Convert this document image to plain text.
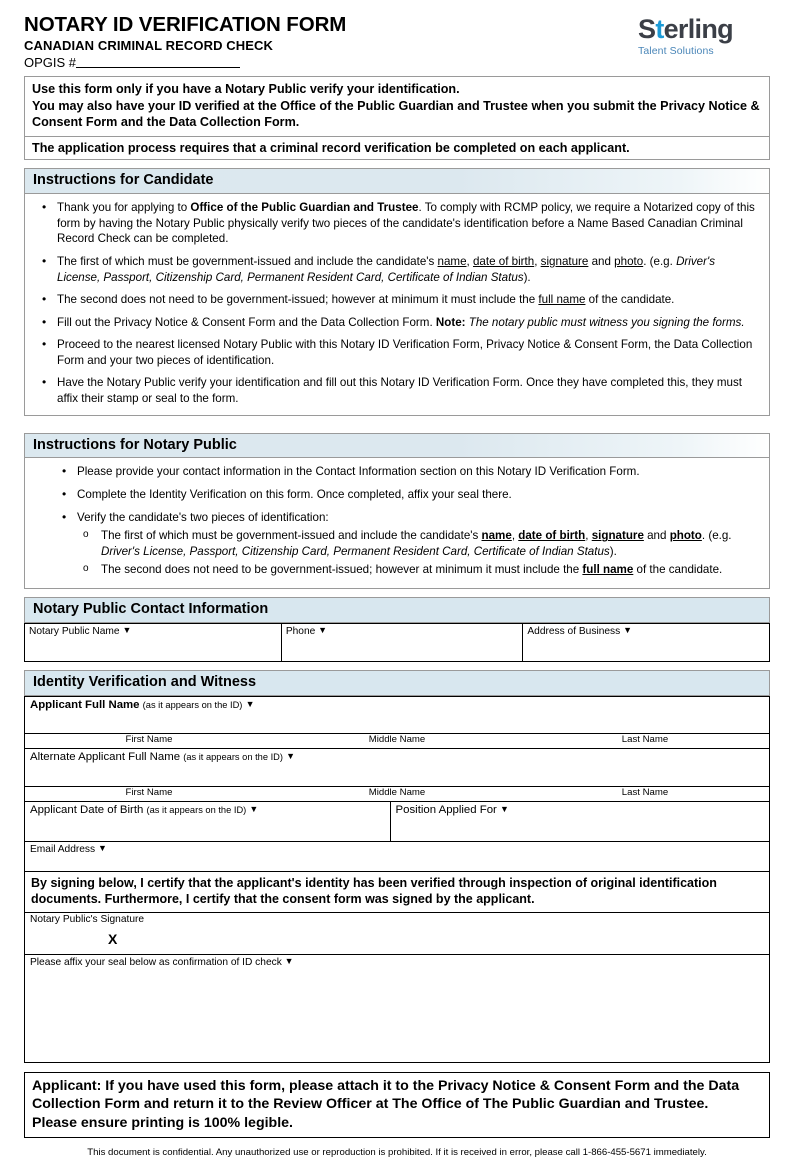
NOTARY ID VERIFICATION FORM
CANADIAN CRIMINAL RECORD CHECK
OPGIS #
Sterling
Talent Solutions
Use this form only if you have a Notary Public verify your identification.
You may also have your ID verified at the Office of the Public Guardian and Trustee when you submit the Privacy Notice & Consent Form and the Data Collection Form.
The application process requires that a criminal record verification be completed on each applicant.
Instructions for Candidate
• Thank you for applying to Office of the Public Guardian and Trustee. To comply with RCMP policy, we require a Notarized copy of this form by having the Notary Public physically verify two pieces of the candidate's identification before a Name Based Canadian Criminal Record Check can be completed.
• The first of which must be government-issued and include the candidate's name, date of birth, signature and photo. (e.g. Driver's License, Passport, Citizenship Card, Permanent Resident Card, Certificate of Indian Status).
• The second does not need to be government-issued; however at minimum it must include the full name of the candidate.
• Fill out the Privacy Notice & Consent Form and the Data Collection Form. Note: The notary public must witness you signing the forms.
• Proceed to the nearest licensed Notary Public with this Notary ID Verification Form, Privacy Notice & Consent Form, the Data Collection Form and your two pieces of identification.
• Have the Notary Public verify your identification and fill out this Notary ID Verification Form. Once they have completed this, they must affix their stamp or seal to the form.
Instructions for Notary Public
• Please provide your contact information in the Contact Information section on this Notary ID Verification Form.
• Complete the Identity Verification on this form. Once completed, affix your seal there.
• Verify the candidate's two pieces of identification:
o The first of which must be government-issued and include the candidate's name, date of birth, signature and photo. (e.g. Driver's License, Passport, Citizenship Card, Permanent Resident Card, Certificate of Indian Status).
o The second does not need to be government-issued; however at minimum it must include the full name of the candidate.
Notary Public Contact Information
Notary Public Name ▼	Phone ▼	Address of Business ▼
Identity Verification and Witness
Applicant Full Name (as it appears on the ID) ▼
First Name	Middle Name	Last Name
Alternate Applicant Full Name (as it appears on the ID) ▼
First Name	Middle Name	Last Name
Applicant Date of Birth (as it appears on the ID) ▼	Position Applied For ▼
Email Address ▼
By signing below, I certify that the applicant's identity has been verified through inspection of original identification documents. Furthermore, I certify that the consent form was signed by the applicant.
Notary Public's Signature
X
Please affix your seal below as confirmation of ID check ▼
Applicant: If you have used this form, please attach it to the Privacy Notice & Consent Form and the Data Collection Form and return it to the Review Officer at The Office of The Public Guardian and Trustee.
Please ensure printing is 100% legible.
This document is confidential. Any unauthorized use or reproduction is prohibited. If it is received in error, please call 1-866-455-5671 immediately.
